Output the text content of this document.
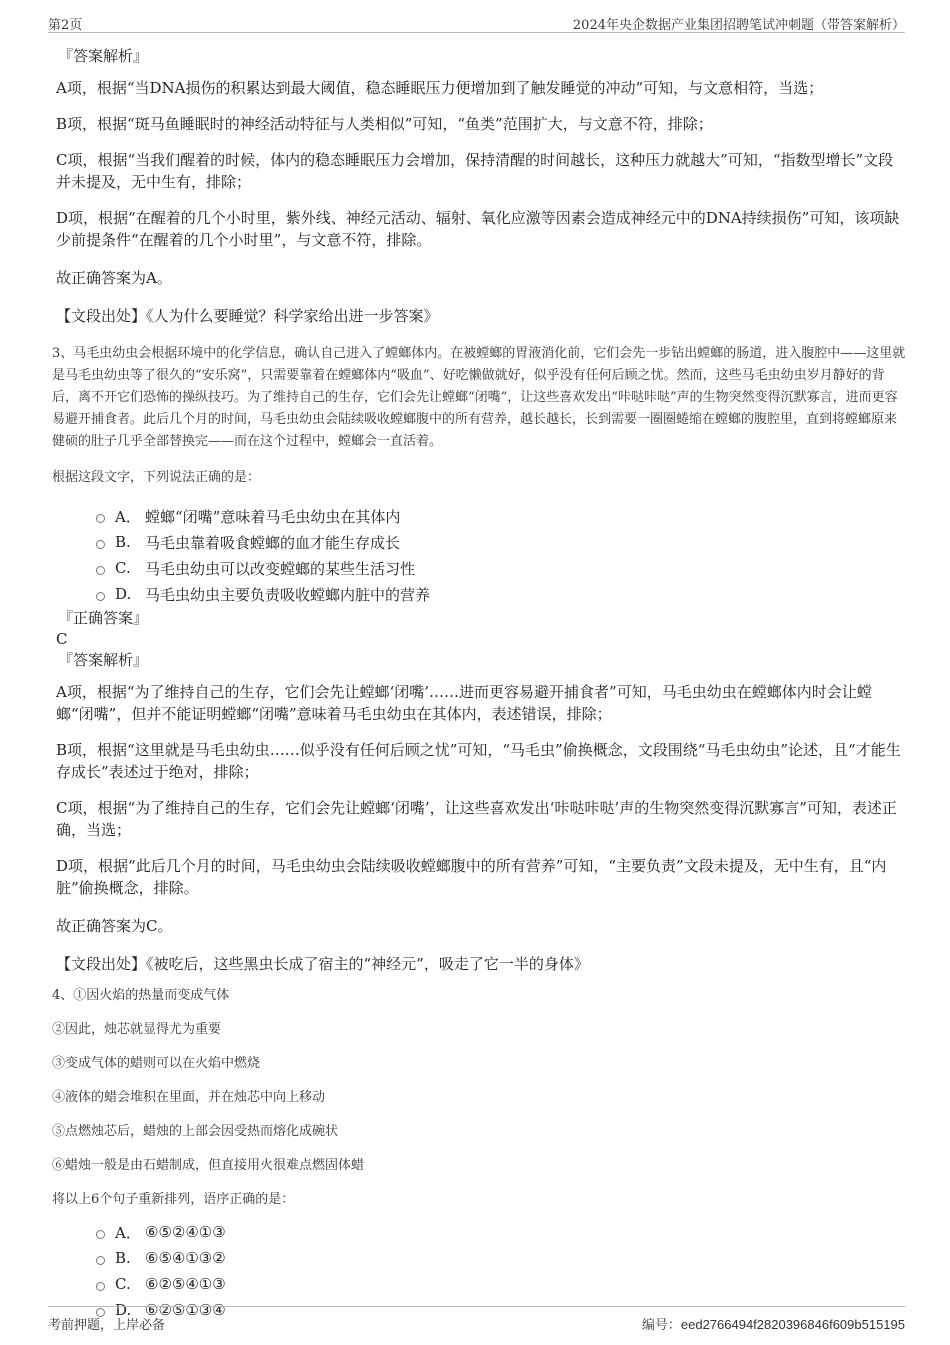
第2页	2024年央企数据产业集团招聘笔试冲刺题（带答案解析）
『答案解析』
A项，根据“当DNA损伤的积累达到最大阈值，稳态睡眠压力便增加到了触发睡觉的冲动”可知，与文意相符，当选；
B项，根据“斑马鱼睡眠时的神经活动特征与人类相似”可知，“鱼类”范围扩大，与文意不符，排除；
C项，根据“当我们醒着的时候，体内的稳态睡眠压力会增加，保持清醒的时间越长，这种压力就越大”可知，“指数型增长”文段并未提及，无中生有，排除；
D项，根据“在醒着的几个小时里，紫外线、神经元活动、辐射、氧化应激等因素会造成神经元中的DNA持续损伤”可知，该项缺少前提条件“在醒着的几个小时里”，与文意不符，排除。
故正确答案为A。
【文段出处】《人为什么要睡觉？科学家给出进一步答案》
3、马毛虫幼虫会根据环境中的化学信息，确认自己进入了螳螂体内。在被螳螂的胃液消化前，它们会先一步钻出螳螂的肠道，进入腹腔中——这里就是马毛虫幼虫等了很久的“安乐窝”，只需要靠着在螳螂体内“吸血”、好吃懒做就好，似乎没有任何后顾之忧。然而，这些马毛虫幼虫岁月静好的背后，离不开它们恐怖的操纵技巧。为了维持自己的生存，它们会先让螳螂“闭嘴”，让这些喜欢发出“咔哒咔哒”声的生物突然变得沉默寡言，进而更容易避开捕食者。此后几个月的时间，马毛虫幼虫会陆续吸收螳螂腹中的所有营养，越长越长，长到需要一圈圈蜷缩在螳螂的腹腔里，直到将螳螂原来健硕的肚子几乎全部替换完——而在这个过程中，螳螂会一直活着。
根据这段文字，下列说法正确的是：
A． 螳螂“闭嘴”意味着马毛虫幼虫在其体内
B. 马毛虫靠着吸食螳螂的血才能生存成长
C. 马毛虫幼虫可以改变螳螂的某些生活习性
D. 马毛虫幼虫主要负责吸收螳螂内脏中的营养
『正确答案』
C
『答案解析』
A项，根据“为了维持自己的生存，它们会先让螳螂‘闭嘴’……进而更容易避开捕食者”可知，马毛虫幼虫在螳螂体内时会让螳螂“闭嘴”，但并不能证明螳螂“闭嘴”意味着马毛虫幼虫在其体内，表述错误，排除；
B项，根据“这里就是马毛虫幼虫……似乎没有任何后顾之忧”可知，“马毛虫”偷换概念，文段围绕“马毛虫幼虫”论述，且“才能生存成长”表述过于绝对，排除；
C项，根据“为了维持自己的生存，它们会先让螳螂‘闭嘴’，让这些喜欢发出‘咔哒咔哒’声的生物突然变得沉默寡言”可知，表述正确，当选；
D项，根据“此后几个月的时间，马毛虫幼虫会陆续吸收螳螂腹中的所有营养”可知，“主要负责”文段未提及，无中生有，且“内脏”偷换概念，排除。
故正确答案为C。
【文段出处】《被吃后，这些黑虫长成了宿主的“神经元”，吸走了它一半的身体》
4、①因火焰的热量而变成气体
②因此，烛芯就显得尤为重要
③变成气体的蜡则可以在火焰中燃烧
④液体的蜡会堆积在里面，并在烛芯中向上移动
⑤点燃烛芯后，蜡烛的上部会因受热而熔化成碗状
⑥蜡烛一般是由石蜡制成，但直接用火很难点燃固体蜡
将以上6个句子重新排列，语序正确的是：
A． ⑥⑤②④①③
B. ⑥⑤④①③②
C. ⑥②⑤④①③
D. ⑥②⑤①③④
考前押题，上岸必备	编号：eed2766494f2820396846f609b515195
